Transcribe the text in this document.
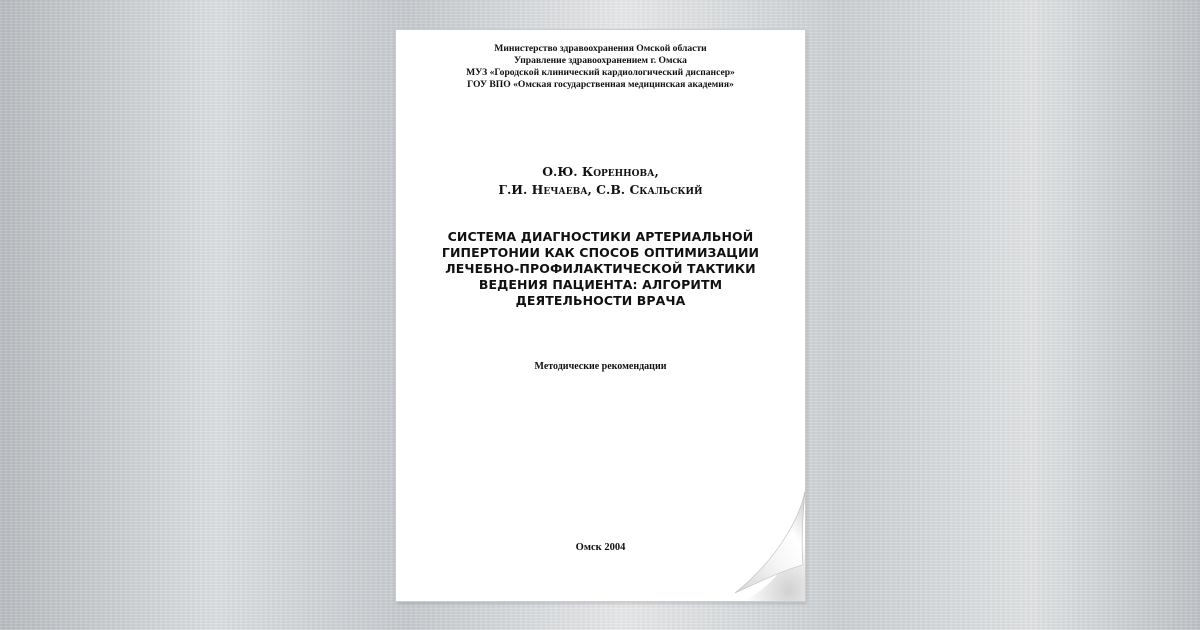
Министерство здравоохранения Омской области
Управление здравоохранением г. Омска
МУЗ «Городской клинический кардиологический диспансер»
ГОУ ВПО «Омская государственная медицинская академия»
О.Ю. Кореннова,
Г.И. Нечаева, С.В. Скальский
СИСТЕМА ДИАГНОСТИКИ АРТЕРИАЛЬНОЙ
ГИПЕРТОНИИ КАК СПОСОБ ОПТИМИЗАЦИИ
ЛЕЧЕБНО-ПРОФИЛАКТИЧЕСКОЙ ТАКТИКИ
ВЕДЕНИЯ ПАЦИЕНТА: АЛГОРИТМ
ДЕЯТЕЛЬНОСТИ ВРАЧА
Методические рекомендации
Омск 2004
